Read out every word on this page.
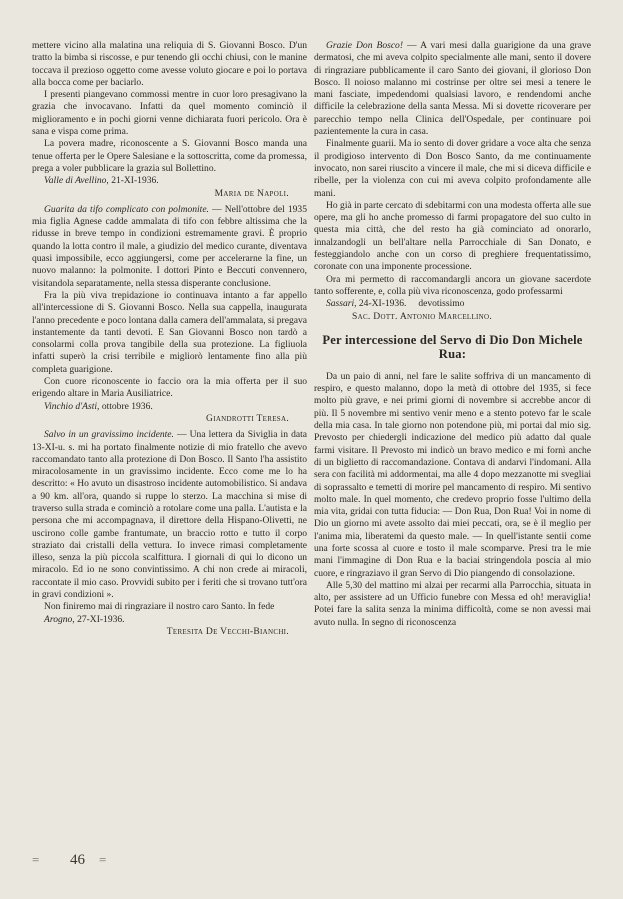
mettere vicino alla malatina una reliquia di S. Giovanni Bosco. D'un tratto la bimba si riscosse, e pur tenendo gli occhi chiusi, con le manine toccava il prezioso oggetto come avesse voluto giocare e poi lo portava alla bocca come per baciarlo.

I presenti piangevano commossi mentre in cuor loro presagivano la grazia che invocavano. Infatti da quel momento cominciò il miglioramento e in pochi giorni venne dichiarata fuori pericolo. Ora è sana e vispa come prima.

La povera madre, riconoscente a S. Giovanni Bosco manda una tenue offerta per le Opere Salesiane e la sottoscritta, come da promessa, prega a voler pubblicare la grazia sul Bollettino.

Valle di Avellino, 21-XI-1936.

Maria de Napoli.

Guarita da tifo complicato con polmonite. — Nell'ottobre del 1935 mia figlia Agnese cadde ammalata di tifo con febbre altissima che la ridusse in breve tempo in condizioni estremamente gravi. È proprio quando la lotta contro il male, a giudizio del medico curante, diventava quasi impossibile, ecco aggiungersi, come per accelerarne la fine, un nuovo malanno: la polmonite. I dottori Pinto e Beccuti convennero, visitandola separatamente, nella stessa disperante conclusione.

Fra la più viva trepidazione io continuava intanto a far appello all'intercessione di S. Giovanni Bosco. Nella sua cappella, inaugurata l'anno precedente e poco lontana dalla camera dell'ammalata, si pregava instantemente da tanti devoti. E San Giovanni Bosco non tardò a consolarmi colla prova tangibile della sua protezione. La figliuola infatti superò la crisi terribile e migliorò lentamente fino alla più completa guarigione.

Con cuore riconoscente io faccio ora la mia offerta per il suo erigendo altare in Maria Ausiliatrice.

Vinchio d'Asti, ottobre 1936.

Giandrotti Teresa.

Salvo in un gravissimo incidente. — Una lettera da Siviglia in data 13-XI-u. s. mi ha portato finalmente notizie di mio fratello che avevo raccomandato tanto alla protezione di Don Bosco. Il Santo l'ha assistito miracolosamente in un gravissimo incidente. Ecco come me lo ha descritto: « Ho avuto un disastroso incidente automobilistico. Si andava a 90 km. all'ora, quando si ruppe lo sterzo. La macchina si mise di traverso sulla strada e cominciò a rotolare come una palla. L'autista e la persona che mi accompagnava, il direttore della Hispano-Olivetti, ne uscirono colle gambe frantumate, un braccio rotto e tutto il corpo straziato dai cristalli della vettura. Io invece rimasi completamente illeso, senza la più piccola scalfittura. I giornali di qui lo dicono un miracolo. Ed io ne sono convintissimo. A chi non crede ai miracoli, raccontate il mio caso. Provvidi subito per i feriti che si trovano tutt'ora in gravi condizioni ».

Non finiremo mai di ringraziare il nostro caro Santo. In fede

Arogno, 27-XI-1936.

Teresita De Vecchi-Bianchi.

Grazie Don Bosco! — A vari mesi dalla guarigione da una grave dermatosi, che mi aveva colpito specialmente alle mani, sento il dovere di ringraziare pubblicamente il caro Santo dei giovani, il glorioso Don Bosco. Il noioso malanno mi costrinse per oltre sei mesi a tenere le mani fasciate, impedendomi qualsiasi lavoro, e rendendomi anche difficile la celebrazione della santa Messa. Mi si dovette ricoverare per parecchio tempo nella Clinica dell'Ospedale, per continuare poi pazientemente la cura in casa.

Finalmente guarii. Ma io sento di dover gridare a voce alta che senza il prodigioso intervento di Don Bosco Santo, da me continuamente invocato, non sarei riuscito a vincere il male, che mi si diceva difficile e ribelle, per la violenza con cui mi aveva colpito profondamente alle mani.

Ho già in parte cercato di sdebitarmi con una modesta offerta alle sue opere, ma gli ho anche promesso di farmi propagatore del suo culto in questa mia città, che del resto ha già cominciato ad onorarlo, innalzandogli un bell'altare nella Parrocchiale di San Donato, e festeggiandolo anche con un corso di preghiere frequentatissimo, coronate con una imponente processione.

Ora mi permetto di raccomandargli ancora un giovane sacerdote tanto sofferente, e, colla più viva riconoscenza, godo professarmi

Sassari, 24-XI-1936. devotissimo

Sac. Dott. Antonio Marcellino.

Per intercessione del Servo di Dio Don Michele Rua:

Da un paio di anni, nel fare le salite soffriva di un mancamento di respiro, e questo malanno, dopo la metà di ottobre del 1935, si fece molto più grave, e nei primi giorni di novembre si accrebbe ancor di più. Il 5 novembre mi sentivo venir meno e a stento potevo far le scale della mia casa. In tale giorno non potendone più, mi portai dal mio sig. Prevosto per chiedergli indicazione del medico più adatto dal quale farmi visitare. Il Prevosto mi indicò un bravo medico e mi fornì anche di un biglietto di raccomandazione. Contava di andarvi l'indomani. Alla sera con facilità mi addormentai, ma alle 4 dopo mezzanotte mi svegliai di soprassalto e temetti di morire pel mancamento di respiro. Mi sentivo molto male. In quel momento, che credevo proprio fosse l'ultimo della mia vita, gridai con tutta fiducia: — Don Rua, Don Rua! Voi in nome di Dio un giorno mi avete assolto dai miei peccati, ora, se è il meglio per l'anima mia, liberatemi da questo male. — In quell'istante sentii come una forte scossa al cuore e tosto il male scomparve. Presi tra le mie mani l'immagine di Don Rua e la baciai stringendola poscia al mio cuore, e ringraziavo il gran Servo di Dio piangendo di consolazione.

Alle 5,30 del mattino mi alzai per recarmi alla Parrocchia, situata in alto, per assistere ad un Ufficio funebre con Messa ed oh! meraviglia! Potei fare la salita senza la minima difficoltà, come se non avessi mai avuto nulla. In segno di riconoscenza

= 46 =
